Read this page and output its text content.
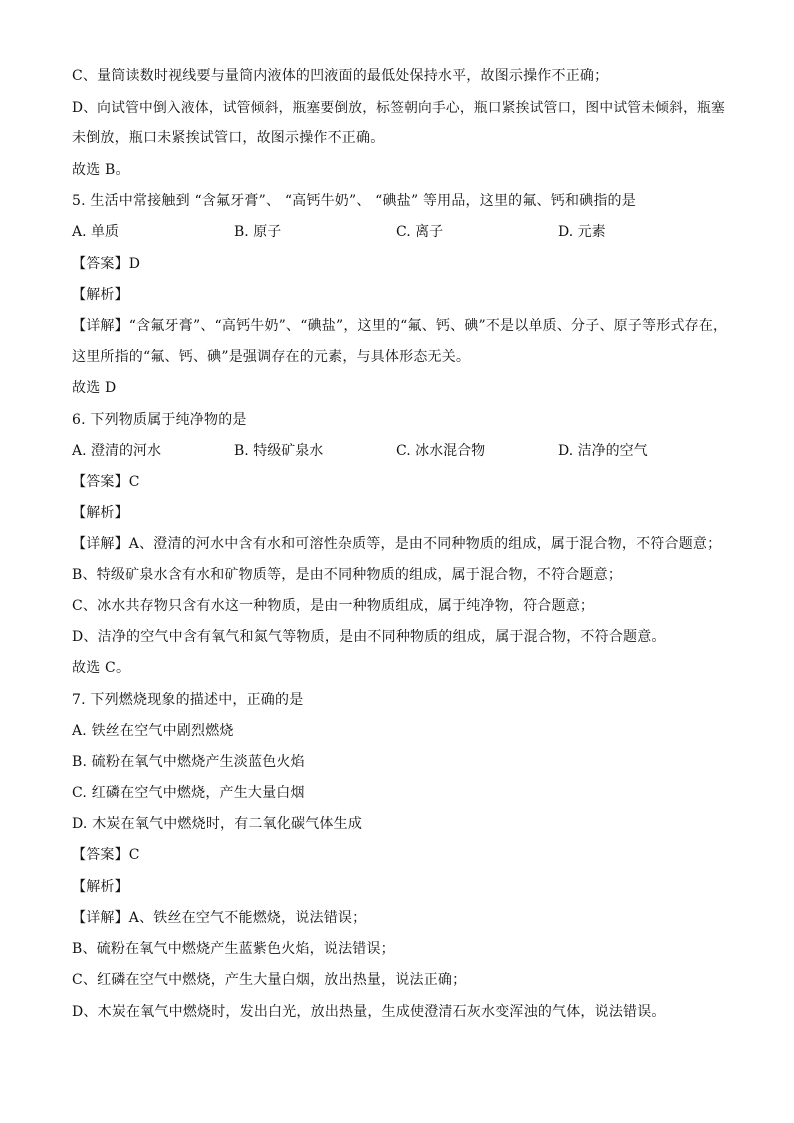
C、量筒读数时视线要与量筒内液体的凹液面的最低处保持水平，故图示操作不正确；
D、向试管中倒入液体，试管倾斜，瓶塞要倒放，标签朝向手心，瓶口紧挨试管口，图中试管未倾斜，瓶塞
未倒放，瓶口未紧挨试管口，故图示操作不正确。
故选 B。
5. 生活中常接触到 “含氟牙膏”、 “高钙牛奶”、 “碘盐” 等用品，这里的氟、钙和碘指的是
A. 单质	B. 原子	C. 离子	D. 元素
【答案】D
【解析】
【详解】“含氟牙膏”、“高钙牛奶”、“碘盐”，这里的“氟、钙、碘”不是以单质、分子、原子等形式存在，
这里所指的“氟、钙、碘”是强调存在的元素，与具体形态无关。
故选 D
6. 下列物质属于纯净物的是
A. 澄清的河水	B. 特级矿泉水	C. 冰水混合物	D. 洁净的空气
【答案】C
【解析】
【详解】A、澄清的河水中含有水和可溶性杂质等，是由不同种物质的组成，属于混合物，不符合题意；
B、特级矿泉水含有水和矿物质等，是由不同种物质的组成，属于混合物，不符合题意；
C、冰水共存物只含有水这一种物质，是由一种物质组成，属于纯净物，符合题意；
D、洁净的空气中含有氧气和氮气等物质，是由不同种物质的组成，属于混合物，不符合题意。
故选 C。
7. 下列燃烧现象的描述中，正确的是
A. 铁丝在空气中剧烈燃烧
B. 硫粉在氧气中燃烧产生淡蓝色火焰
C. 红磷在空气中燃烧，产生大量白烟
D. 木炭在氧气中燃烧时，有二氧化碳气体生成
【答案】C
【解析】
【详解】A、铁丝在空气不能燃烧，说法错误；
B、硫粉在氧气中燃烧产生蓝紫色火焰，说法错误；
C、红磷在空气中燃烧，产生大量白烟，放出热量，说法正确；
D、木炭在氧气中燃烧时，发出白光，放出热量，生成使澄清石灰水变浑浊的气体，说法错误。
